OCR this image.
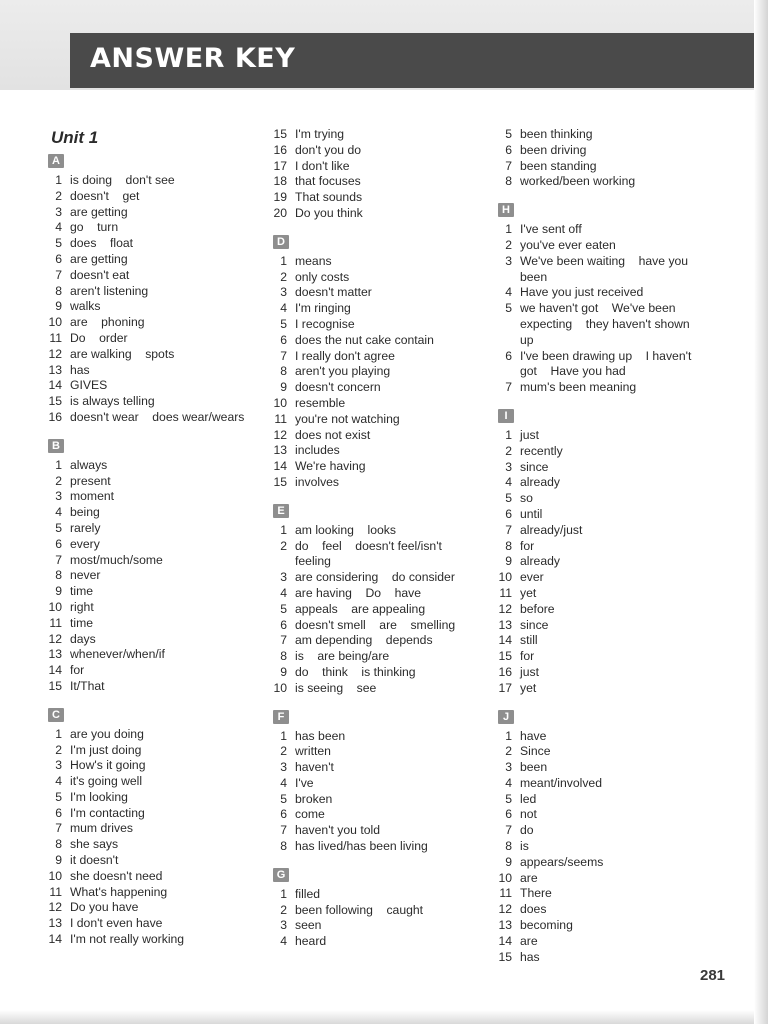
ANSWER KEY
Unit 1
A
1 is doing    don't see
2 doesn't    get
3 are getting
4 go    turn
5 does    float
6 are getting
7 doesn't eat
8 aren't listening
9 walks
10 are    phoning
11 Do    order
12 are walking    spots
13 has
14 GIVES
15 is always telling
16 doesn't wear    does wear/wears
B
1 always
2 present
3 moment
4 being
5 rarely
6 every
7 most/much/some
8 never
9 time
10 right
11 time
12 days
13 whenever/when/if
14 for
15 It/That
C
1 are you doing
2 I'm just doing
3 How's it going
4 it's going well
5 I'm looking
6 I'm contacting
7 mum drives
8 she says
9 it doesn't
10 she doesn't need
11 What's happening
12 Do you have
13 I don't even have
14 I'm not really working
15 I'm trying
16 don't you do
17 I don't like
18 that focuses
19 That sounds
20 Do you think
D
1 means
2 only costs
3 doesn't matter
4 I'm ringing
5 I recognise
6 does the nut cake contain
7 I really don't agree
8 aren't you playing
9 doesn't concern
10 resemble
11 you're not watching
12 does not exist
13 includes
14 We're having
15 involves
E
1 am looking    looks
2 do    feel    doesn't feel/isn't
feeling
3 are considering    do consider
4 are having    Do    have
5 appeals    are appealing
6 doesn't smell    are    smelling
7 am depending    depends
8 is    are being/are
9 do    think    is thinking
10 is seeing    see
F
1 has been
2 written
3 haven't
4 I've
5 broken
6 come
7 haven't you told
8 has lived/has been living
G
1 filled
2 been following    caught
3 seen
4 heard
5 been thinking
6 been driving
7 been standing
8 worked/been working
H
1 I've sent off
2 you've ever eaten
3 We've been waiting    have you
been
4 Have you just received
5 we haven't got    We've been
expecting    they haven't shown
up
6 I've been drawing up    I haven't
got    Have you had
7 mum's been meaning
I
1 just
2 recently
3 since
4 already
5 so
6 until
7 already/just
8 for
9 already
10 ever
11 yet
12 before
13 since
14 still
15 for
16 just
17 yet
J
1 have
2 Since
3 been
4 meant/involved
5 led
6 not
7 do
8 is
9 appears/seems
10 are
11 There
12 does
13 becoming
14 are
15 has
281
